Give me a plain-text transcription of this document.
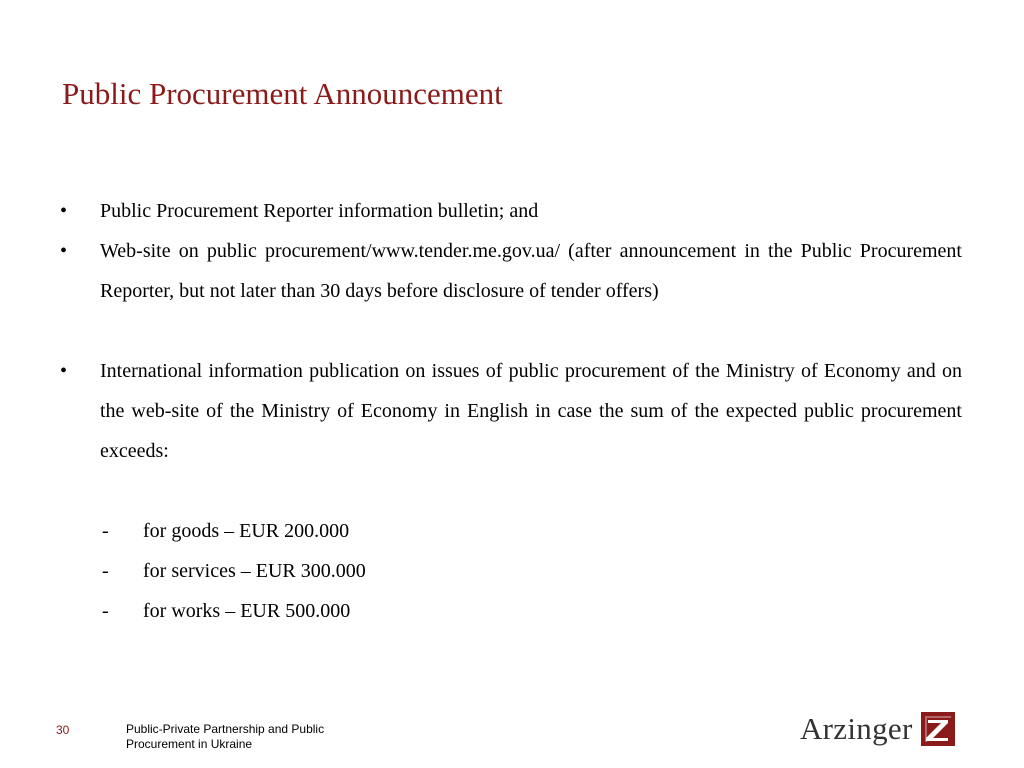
Public Procurement Announcement
•	Public Procurement Reporter information bulletin; and
•	Web-site on public procurement/www.tender.me.gov.ua/ (after announcement in the Public Procurement Reporter, but not later than 30 days before disclosure of tender offers)
•	International information publication on issues of public procurement of the Ministry of Economy and on the web-site of the Ministry of Economy in English in case the sum of the expected public procurement exceeds:
- for goods – EUR 200.000
- for services – EUR 300.000
- for works – EUR 500.000
30	Public-Private Partnership and Public Procurement in Ukraine	Arzinger
